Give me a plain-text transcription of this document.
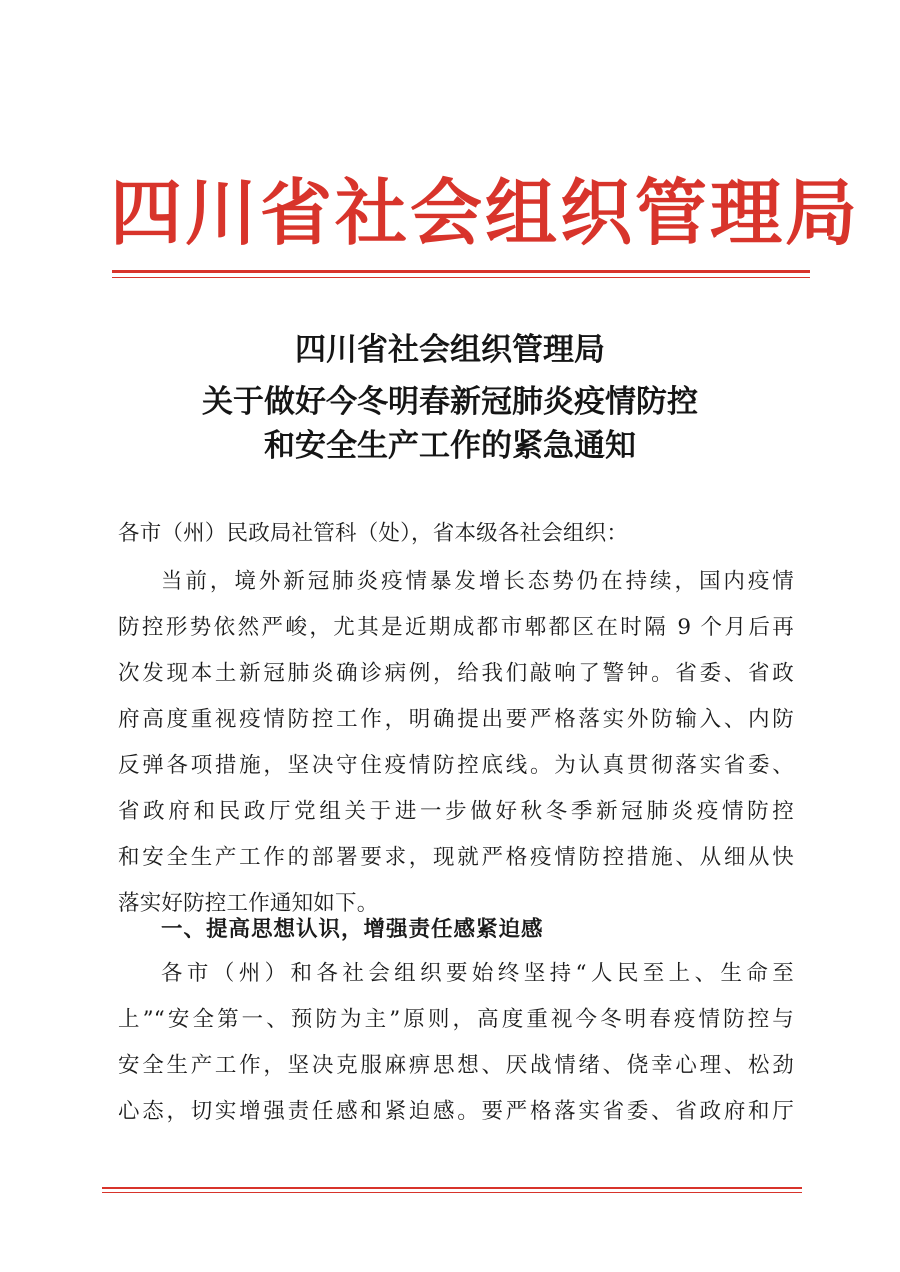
四川省社会组织管理局
四川省社会组织管理局
关于做好今冬明春新冠肺炎疫情防控
和安全生产工作的紧急通知
各市（州）民政局社管科（处），省本级各社会组织：
当前，境外新冠肺炎疫情暴发增长态势仍在持续，国内疫情
防控形势依然严峻，尤其是近期成都市郫都区在时隔 9 个月后再
次发现本土新冠肺炎确诊病例，给我们敲响了警钟。省委、省政
府高度重视疫情防控工作，明确提出要严格落实外防输入、内防
反弹各项措施，坚决守住疫情防控底线。为认真贯彻落实省委、
省政府和民政厅党组关于进一步做好秋冬季新冠肺炎疫情防控
和安全生产工作的部署要求，现就严格疫情防控措施、从细从快
落实好防控工作通知如下。
一、提高思想认识，增强责任感紧迫感
各市（州）和各社会组织要始终坚持“人民至上、生命至
上”“安全第一、预防为主”原则，高度重视今冬明春疫情防控与
安全生产工作，坚决克服麻痹思想、厌战情绪、侥幸心理、松劲
心态，切实增强责任感和紧迫感。要严格落实省委、省政府和厅
